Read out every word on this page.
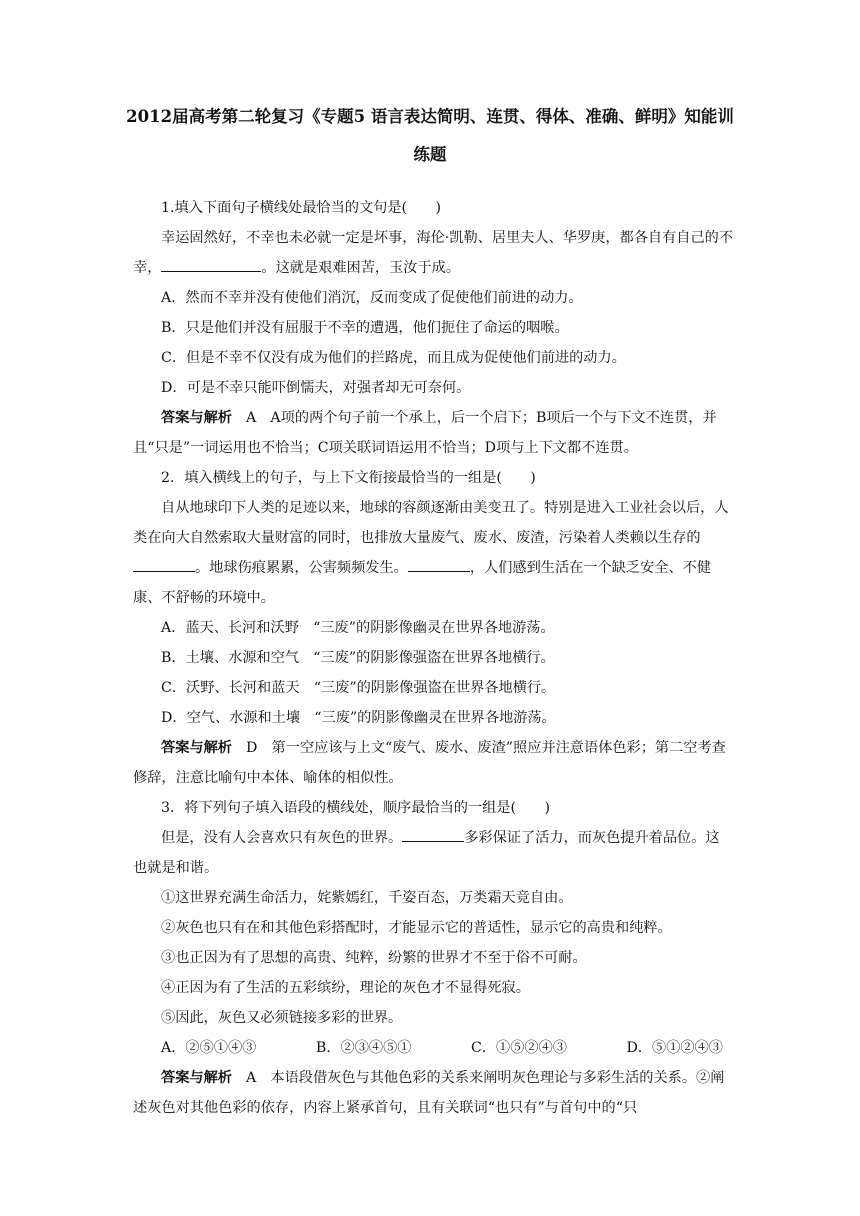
2012届高考第二轮复习《专题5 语言表达简明、连贯、得体、准确、鲜明》知能训练题

1.填入下面句子横线处最恰当的文句是(　　)

幸运固然好，不幸也未必就一定是坏事，海伦·凯勒、居里夫人、华罗庚，都各自有自己的不幸，	。这就是艰难困苦，玉汝于成。

A．然而不幸并没有使他们消沉，反而变成了促使他们前进的动力。

B．只是他们并没有屈服于不幸的遭遇，他们扼住了命运的咽喉。

C．但是不幸不仅没有成为他们的拦路虎，而且成为促使他们前进的动力。

D．可是不幸只能吓倒懦夫，对强者却无可奈何。

答案与解析 A　A项的两个句子前一个承上，后一个启下；B项后一个与下文不连贯，并且“只是”一词运用也不恰当；C项关联词语运用不恰当；D项与上下文都不连贯。

2．填入横线上的句子，与上下文衔接最恰当的一组是(　　)

自从地球印下人类的足迹以来，地球的容颜逐渐由美变丑了。特别是进入工业社会以后，人类在向大自然索取大量财富的同时，也排放大量废气、废水、废渣，污染着人类赖以生存的。地球伤痕累累，公害频频发生。	，人们感到生活在一个缺乏安全、不健康、不舒畅的环境中。

A．蓝天、长河和沃野　“三废”的阴影像幽灵在世界各地游荡。

B．土壤、水源和空气　“三废”的阴影像强盗在世界各地横行。

C．沃野、长河和蓝天　“三废”的阴影像强盗在世界各地横行。

D．空气、水源和土壤　“三废”的阴影像幽灵在世界各地游荡。

答案与解析 D　第一空应该与上文“废气、废水、废渣”照应并注意语体色彩；第二空考查修辞，注意比喻句中本体、喻体的相似性。

3．将下列句子填入语段的横线处，顺序最恰当的一组是(　　)

但是，没有人会喜欢只有灰色的世界。	多彩保证了活力，而灰色提升着品位。这也就是和谐。

①这世界充满生命活力，姹紫嫣红，千姿百态，万类霜天竞自由。

②灰色也只有在和其他色彩搭配时，才能显示它的普适性，显示它的高贵和纯粹。

③也正因为有了思想的高贵、纯粹，纷繁的世界才不至于俗不可耐。

④正因为有了生活的五彩缤纷，理论的灰色才不显得死寂。

⑤因此，灰色又必须链接多彩的世界。

A．②⑤①④③	B．②③④⑤①	C．①⑤②④③	D．⑤①②④③

答案与解析 A　本语段借灰色与其他色彩的关系来阐明灰色理论与多彩生活的关系。②阐述灰色对其他色彩的依存，内容上紧承首句，且有关联词“也只有”与首句中的“只
